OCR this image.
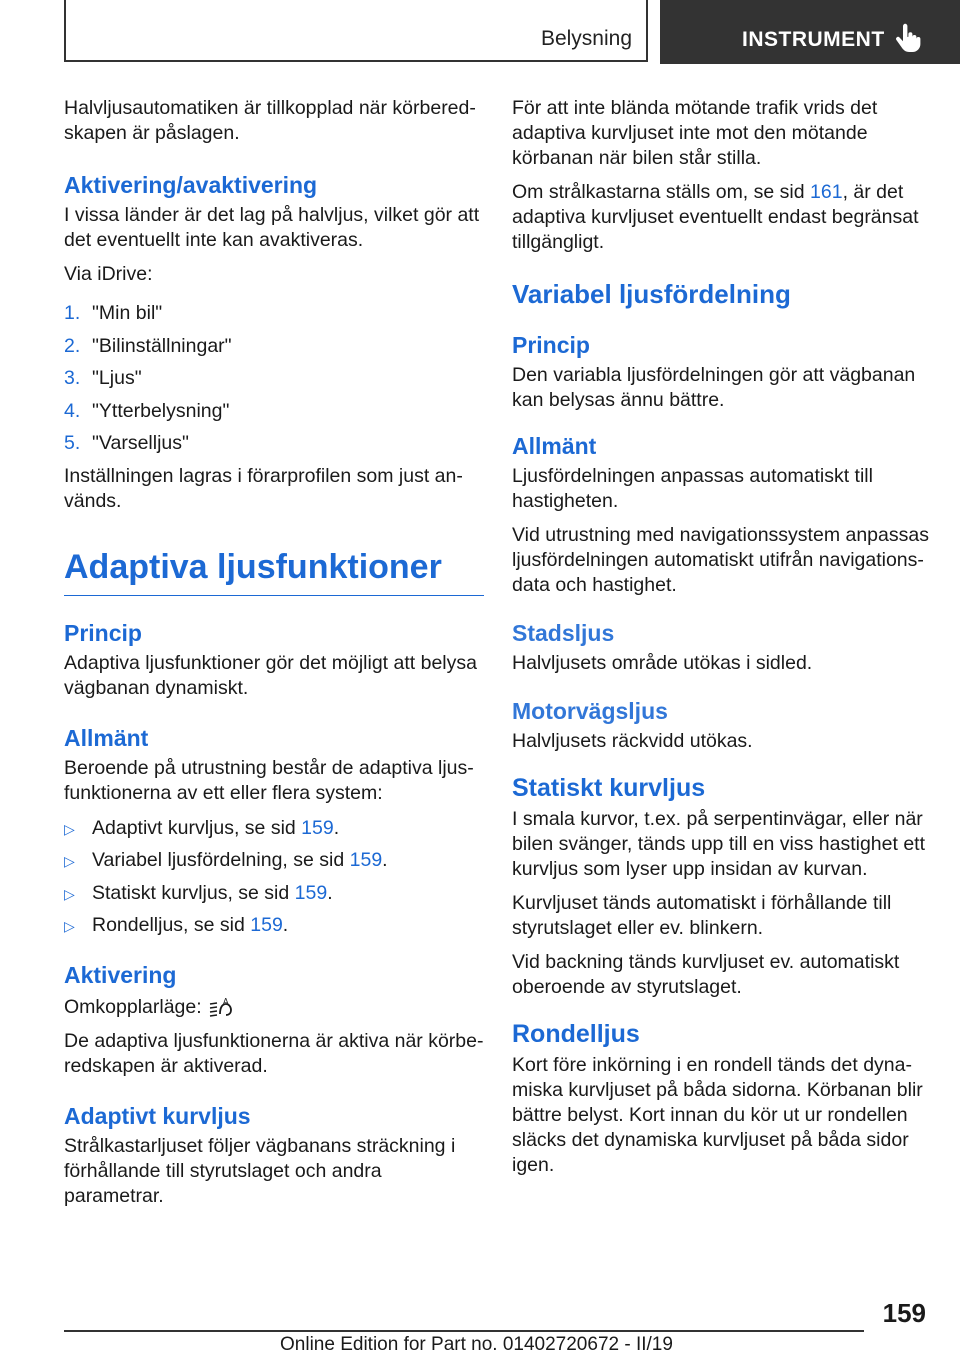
Belysning	INSTRUMENT

Halvljusautomatiken är tillkopplad när körberedskapen är påslagen.

Aktivering/avaktivering

I vissa länder är det lag på halvljus, vilket gör att det eventuellt inte kan avaktiveras.

Via iDrive:

1. "Min bil"
2. "Bilinställningar"
3. "Ljus"
4. "Ytterbelysning"
5. "Varselljus"

Inställningen lagras i förarprofilen som just används.

Adaptiva ljusfunktioner
Princip

Adaptiva ljusfunktioner gör det möjligt att belysa vägbanan dynamiskt.

Allmänt

Beroende på utrustning består de adaptiva ljusfunktionerna av ett eller flera system:

▷ Adaptivt kurvljus, se sid 159.
▷ Variabel ljusfördelning, se sid 159.
▷ Statiskt kurvljus, se sid 159.
▷ Rondelljus, se sid 159.
Aktivering

Omkopplarläge:	A

De adaptiva ljusfunktionerna är aktiva när körberedskapen är aktiverad.

Adaptivt kurvljus

Strålkastarljuset följer vägbanans sträckning i förhållande till styrutslaget och andra parametrar.

För att inte blända mötande trafik vrids det adaptiva kurvljuset inte mot den mötande körbanan när bilen står stilla.

Om strålkastarna ställs om, se sid 161, är det adaptiva kurvljuset eventuellt endast begränsat tillgängligt.

Variabel ljusfördelning
Princip

Den variabla ljusfördelningen gör att vägbanan kan belysas ännu bättre.

Allmänt

Ljusfördelningen anpassas automatiskt till hastigheten.

Vid utrustning med navigationssystem anpassas ljusfördelningen automatiskt utifrån navigationsdata och hastighet.

Stadsljus

Halvljusets område utökas i sidled.

Motorvägsljus

Halvljusets räckvidd utökas.

Statiskt kurvljus

I smala kurvor, t.ex. på serpentinvägar, eller när bilen svänger, tänds upp till en viss hastighet ett kurvljus som lyser upp insidan av kurvan.

Kurvljuset tänds automatiskt i förhållande till styrutslaget eller ev. blinkern.

Vid backning tänds kurvljuset ev. automatiskt oberoende av styrutslaget.

Rondelljus

Kort före inkörning i en rondell tänds det dynamiska kurvljuset på båda sidorna. Körbanan blir bättre belyst. Kort innan du kör ut ur rondellen släcks det dynamiska kurvljuset på båda sidor igen.

159
Online Edition for Part no. 01402720672 - II/19
